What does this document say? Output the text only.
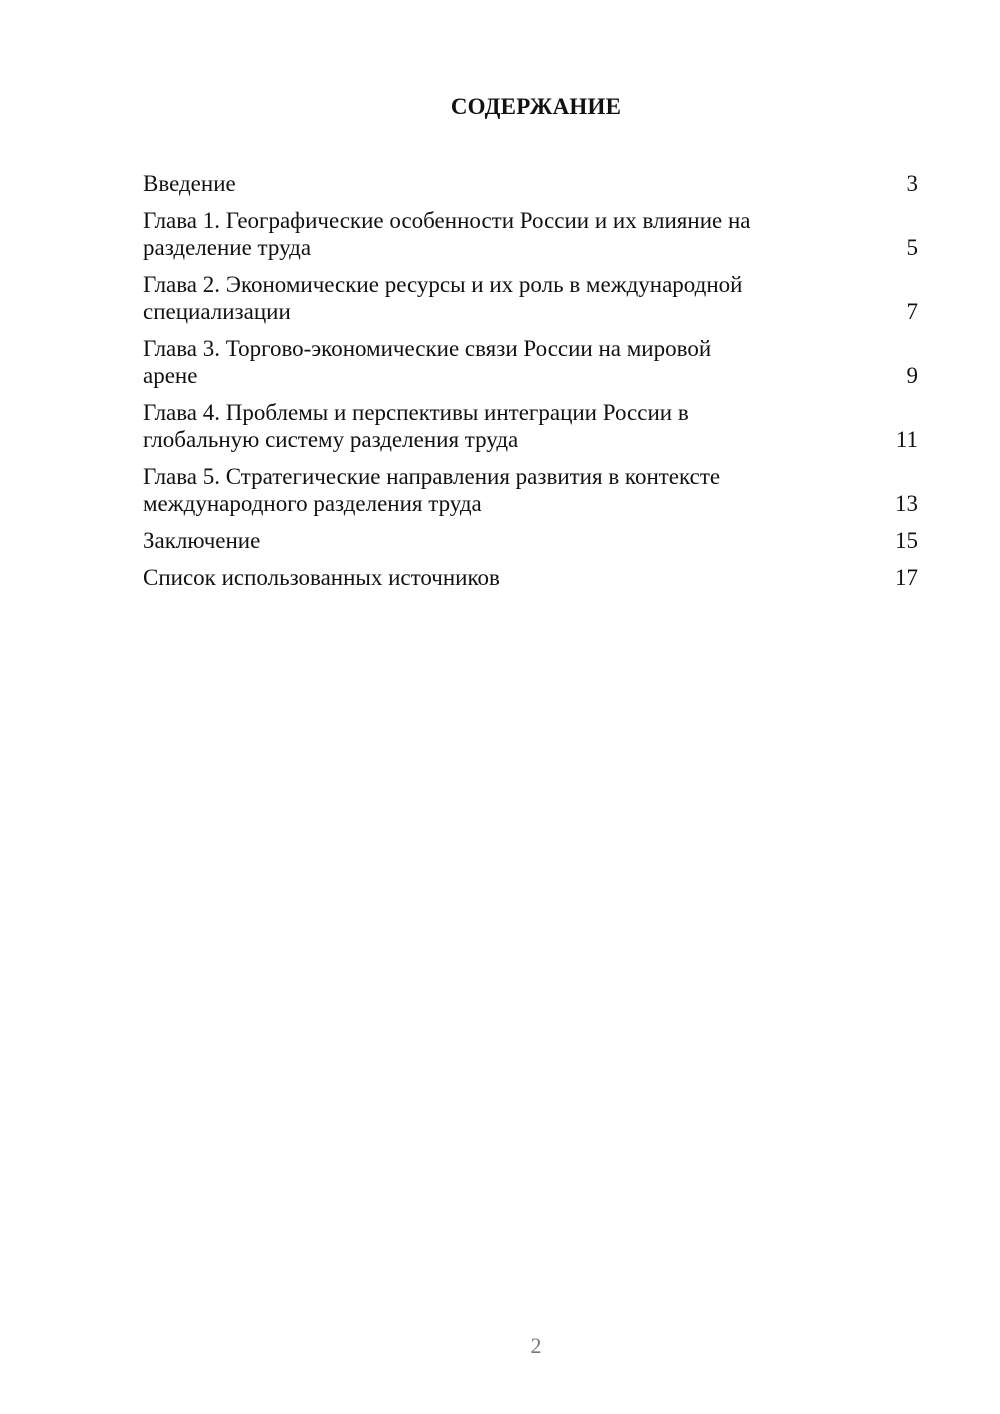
СОДЕРЖАНИЕ
Введение	3
Глава 1. Географические особенности России и их влияние на
разделение труда	5
Глава 2. Экономические ресурсы и их роль в международной
специализации	7
Глава 3. Торгово-экономические связи России на мировой
арене	9
Глава 4. Проблемы и перспективы интеграции России в
глобальную систему разделения труда	11
Глава 5. Стратегические направления развития в контексте
международного разделения труда	13
Заключение	15
Список использованных источников	17
2
